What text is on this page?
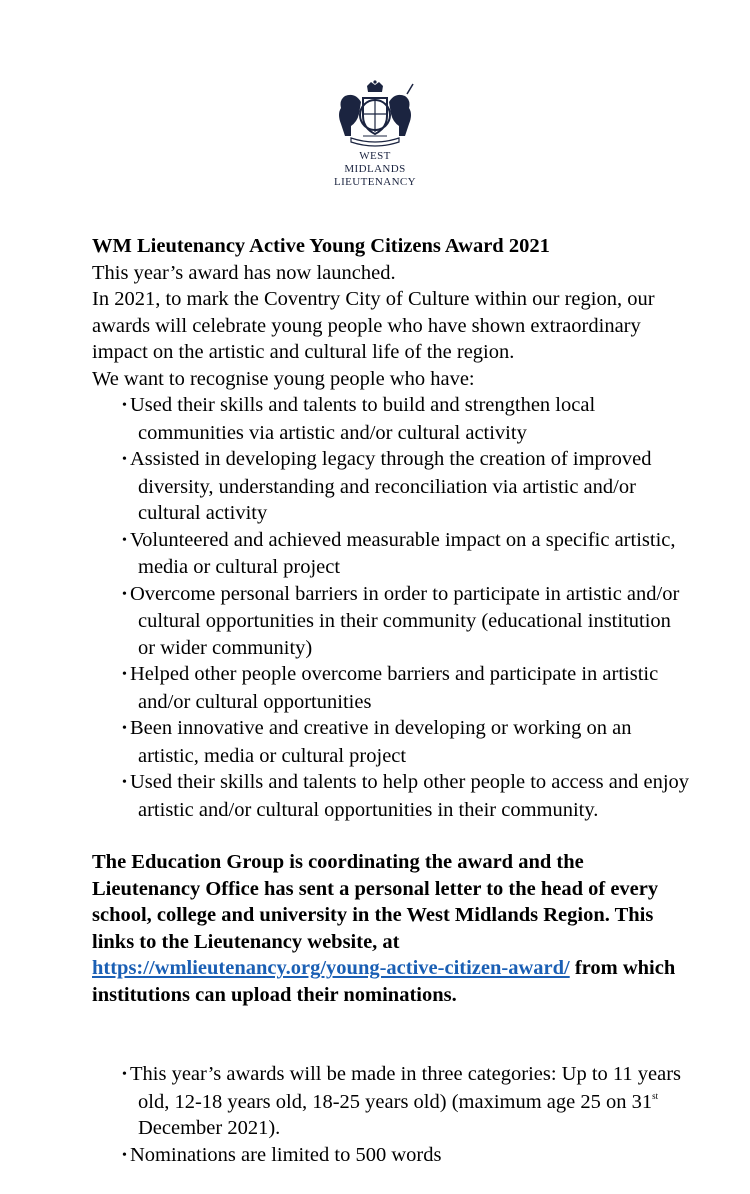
WEST MIDLANDS
LIEUTENANCY

WM Lieutenancy Active Young Citizens Award 2021

This year’s award has now launched.

In 2021, to mark the Coventry City of Culture within our region, our awards will celebrate young people who have shown extraordinary impact on the artistic and cultural life of the region.

We want to recognise young people who have:

• Used their skills and talents to build and strengthen local communities via artistic and/or cultural activity
• Assisted in developing legacy through the creation of improved diversity, understanding and reconciliation via artistic and/or cultural activity
• Volunteered and achieved measurable impact on a specific artistic, media or cultural project
• Overcome personal barriers in order to participate in artistic and/or cultural opportunities in their community (educational institution or wider community)
• Helped other people overcome barriers and participate in artistic and/or cultural opportunities
• Been innovative and creative in developing or working on an artistic, media or cultural project
• Used their skills and talents to help other people to access and enjoy artistic and/or cultural opportunities in their community.

The Education Group is coordinating the award and the Lieutenancy Office has sent a personal letter to the head of every school, college and university in the West Midlands Region. This links to the Lieutenancy website, at https://wmlieutenancy.org/young-active-citizen-award/ from which institutions can upload their nominations.

• This year’s awards will be made in three categories: Up to 11 years old, 12-18 years old, 18-25 years old) (maximum age 25 on 31st December 2021).
• Nominations are limited to 500 words
